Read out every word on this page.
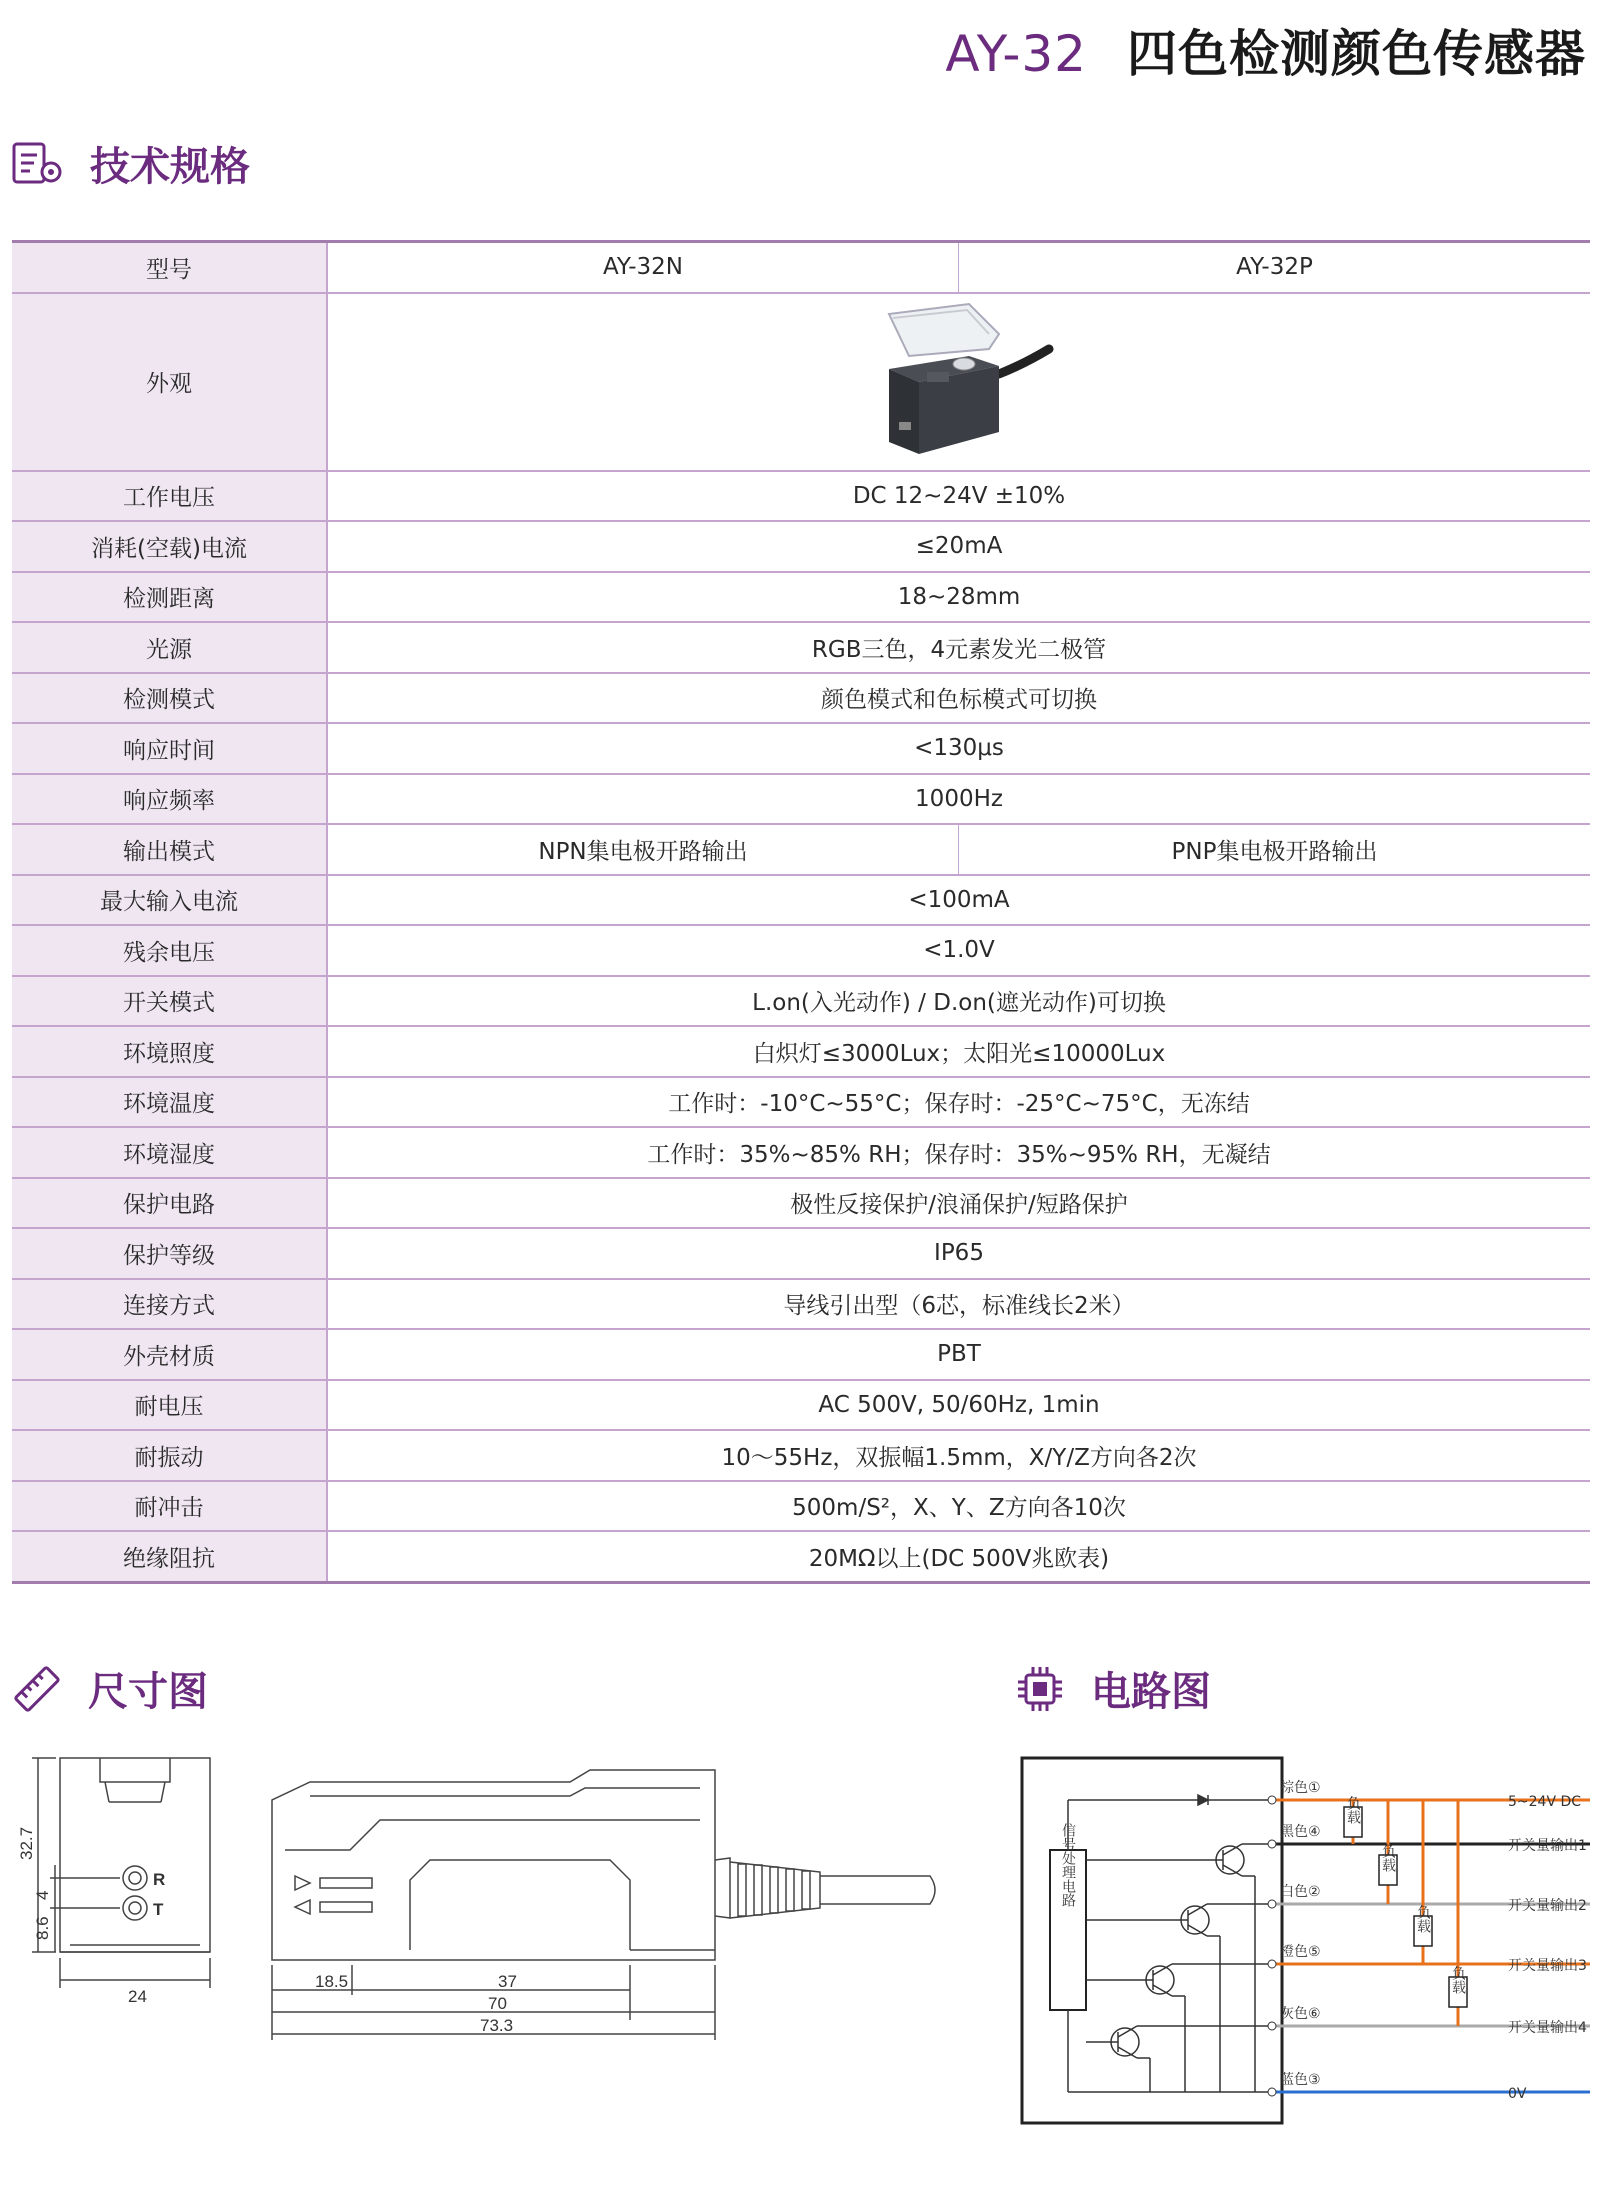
AY-32 四色检测颜色传感器
技术规格
型号	AY-32N	AY-32P
外观	
工作电压	DC 12~24V ±10%	
消耗(空载)电流	≤20mA	
检测距离	18~28mm	
光源	RGB三色，4元素发光二极管	
检测模式	颜色模式和色标模式可切换	
响应时间	<130μs	
响应频率	1000Hz	
输出模式	NPN集电极开路输出	PNP集电极开路输出
最大输入电流	<100mA	
残余电压	<1.0V	
开关模式	L.on(入光动作) / D.on(遮光动作)可切换	
环境照度	白炽灯≤3000Lux；太阳光≤10000Lux	
环境温度	工作时：-10°C~55°C；保存时：-25°C~75°C，无冻结	
环境湿度	工作时：35%~85% RH；保存时：35%~95% RH，无凝结	
保护电路	极性反接保护/浪涌保护/短路保护	
保护等级	IP65	
连接方式	导线引出型（6芯，标准线长2米）	
外壳材质	PBT	
耐电压	AC 500V, 50/60Hz, 1min	
耐振动	10～55Hz，双振幅1.5mm，X/Y/Z方向各2次	
耐冲击	500m/S²，X、Y、Z方向各10次	
绝缘阻抗	20MΩ以上(DC 500V兆欧表)	
尺寸图	电路图
32.7
4
8.6
24
R
T
18.5	37
70
73.3
信号处理电路
棕色①
5~24V DC
黑色④
开关量输出1
白色②
开关量输出2
橙色⑤
开关量输出3
灰色⑥
开关量输出4
蓝色③
0V
负载
负载
负载
负载
